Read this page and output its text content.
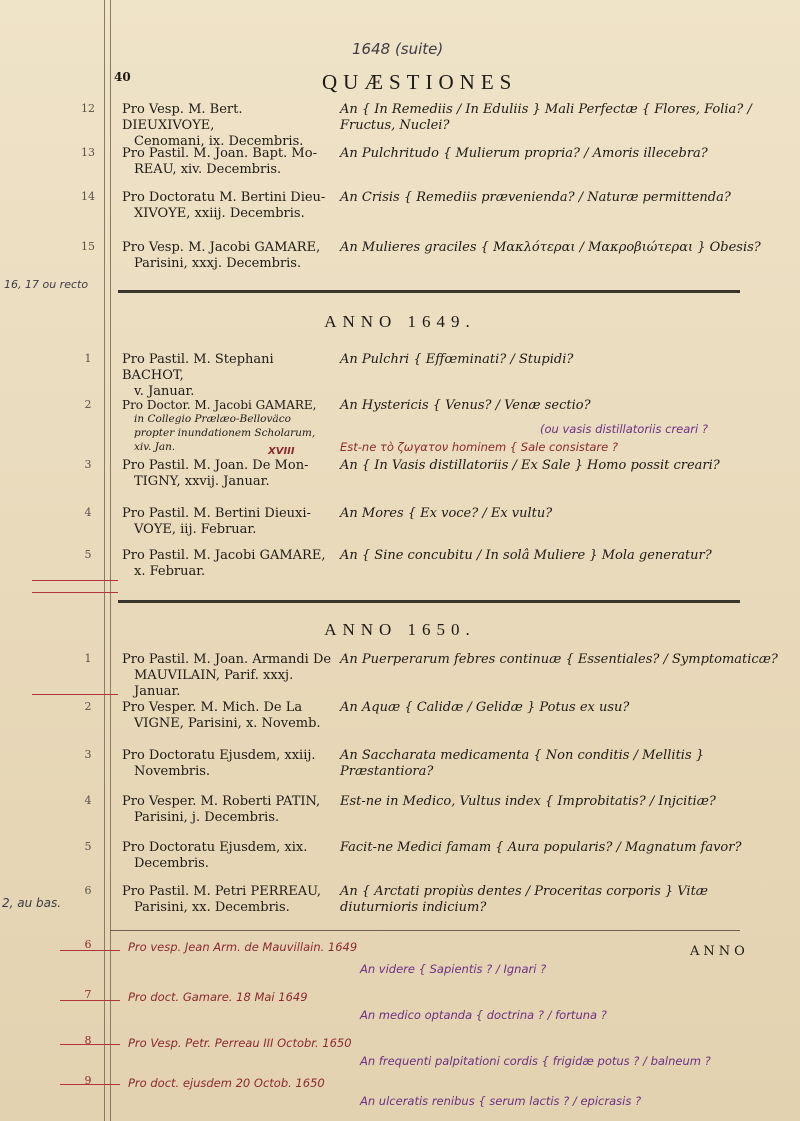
1648 (suite)
40	QUÆSTIONES
12	Pro Vesp. M. Bert. DIEUXIVOYE,
Cenomani, ix. Decembris.
An { In Remediis / In Eduliis } Mali Perfectæ { Flores, Folia? / Fructus, Nuclei?
13	Pro Pastil. M. Joan. Bapt. Mo-
REAU, xiv. Decembris.
An Pulchritudo { Mulierum propria? / Amoris illecebra?
14	Pro Doctoratu M. Bertini Dieu-
XIVOYE, xxiij. Decembris.
An Crisis { Remediis prævenienda? / Naturæ permittenda?
15	Pro Vesp. M. Jacobi GAMARE,
Parisini, xxxj. Decembris.
An Mulieres graciles { Μακλότεραι / Μακροβιώτεραι } Obesis?
16, 17 ou recto
ANNO 1649.
1	Pro Pastil. M. Stephani BACHOT,
v. Januar.
An Pulchri { Effœminati? / Stupidi?
2	Pro Doctor. M. Jacobi GAMARE,
in Collegio Prælæo-Belloväco propter inundationem Scholarum, xiv. Jan.
An Hystericis { Venus? / Venæ sectio?
(ou vasis distillatoriis creari ?
Est-ne τὸ ζωγατον hominem { Sale consistare ?
XVIII
3	Pro Pastil. M. Joan. De Mon-
TIGNY, xxvij. Januar.
An { In Vasis distillatoriis / Ex Sale } Homo possit creari?
4	Pro Pastil. M. Bertini Dieuxi-
VOYE, iij. Februar.
An Mores { Ex voce? / Ex vultu?
5	Pro Pastil. M. Jacobi GAMARE,
x. Februar.
An { Sine concubitu / In solâ Muliere } Mola generatur?
ANNO 1650.
1	Pro Pastil. M. Joan. Armandi De
MAUVILAIN, Parif. xxxj. Januar.
An Puerperarum febres continuæ { Essentiales? / Symptomaticæ?
2	Pro Vesper. M. Mich. De La
VIGNE, Parisini, x. Novemb.
An Aquæ { Calidæ / Gelidæ } Potus ex usu?
3	Pro Doctoratu Ejusdem, xxiij.
Novembris.
An Saccharata medicamenta { Non conditis / Mellitis } Præstantiora?
4	Pro Vesper. M. Roberti PATIN,
Parisini, j. Decembris.
Est-ne in Medico, Vultus index { Improbitatis? / Injcitiæ?
5	Pro Doctoratu Ejusdem, xix.
Decembris.
Facit-ne Medici famam { Aura popularis? / Magnatum favor?
2, au bas.
6	Pro Pastil. M. Petri PERREAU,
Parisini, xx. Decembris.
An { Arctati propiùs dentes / Proceritas corporis } Vitæ diuturnioris indicium?
ANNO
6	Pro vesp. Jean Arm. de Mauvillain. 1649
An videre { Sapientis ? / Ignari ?
7	Pro doct. Gamare. 18 Mai 1649
An medico optanda { doctrina ? / fortuna ?
8	Pro Vesp. Petr. Perreau III Octobr. 1650
An frequenti palpitationi cordis { frigidæ potus ? / balneum ?
9	Pro doct. ejusdem 20 Octob. 1650
An ulceratis renibus { serum lactis ? / epicrasis ?
